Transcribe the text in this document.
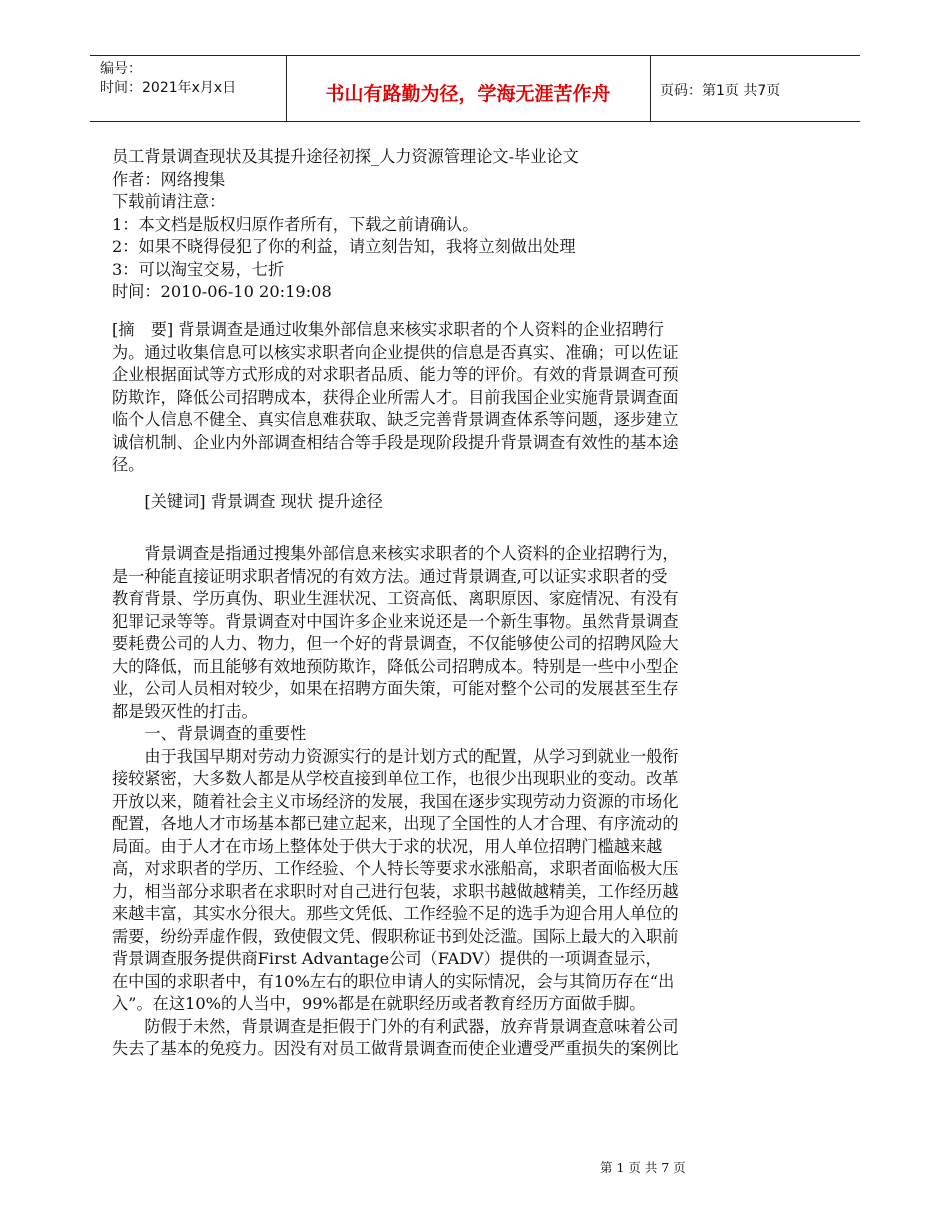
编号：
时间：2021年x月x日	书山有路勤为径，学海无涯苦作舟	页码：第1页 共7页
员工背景调查现状及其提升途径初探_人力资源管理论文-毕业论文
作者：网络搜集
下载前请注意：
1：本文档是版权归原作者所有，下载之前请确认。
2：如果不晓得侵犯了你的利益，请立刻告知，我将立刻做出处理
3：可以淘宝交易，七折
时间：2010-06-10 20:19:08
[摘　要] 背景调查是通过收集外部信息来核实求职者的个人资料的企业招聘行
为。通过收集信息可以核实求职者向企业提供的信息是否真实、准确；可以佐证
企业根据面试等方式形成的对求职者品质、能力等的评价。有效的背景调查可预
防欺诈，降低公司招聘成本，获得企业所需人才。目前我国企业实施背景调查面
临个人信息不健全、真实信息难获取、缺乏完善背景调查体系等问题，逐步建立
诚信机制、企业内外部调查相结合等手段是现阶段提升背景调查有效性的基本途
径。
[关键词] 背景调查 现状 提升途径
背景调查是指通过搜集外部信息来核实求职者的个人资料的企业招聘行为，
是一种能直接证明求职者情况的有效方法。通过背景调查,可以证实求职者的受
教育背景、学历真伪、职业生涯状况、工资高低、离职原因、家庭情况、有没有
犯罪记录等等。背景调查对中国许多企业来说还是一个新生事物。虽然背景调查
要耗费公司的人力、物力，但一个好的背景调查，不仅能够使公司的招聘风险大
大的降低，而且能够有效地预防欺诈，降低公司招聘成本。特别是一些中小型企
业，公司人员相对较少，如果在招聘方面失策，可能对整个公司的发展甚至生存
都是毁灭性的打击。
一、背景调查的重要性
由于我国早期对劳动力资源实行的是计划方式的配置，从学习到就业一般衔
接较紧密，大多数人都是从学校直接到单位工作，也很少出现职业的变动。改革
开放以来，随着社会主义市场经济的发展，我国在逐步实现劳动力资源的市场化
配置，各地人才市场基本都已建立起来，出现了全国性的人才合理、有序流动的
局面。由于人才在市场上整体处于供大于求的状况，用人单位招聘门槛越来越
高，对求职者的学历、工作经验、个人特长等要求水涨船高，求职者面临极大压
力，相当部分求职者在求职时对自己进行包装，求职书越做越精美，工作经历越
来越丰富，其实水分很大。那些文凭低、工作经验不足的选手为迎合用人单位的
需要，纷纷弄虚作假，致使假文凭、假职称证书到处泛滥。国际上最大的入职前
背景调查服务提供商First Advantage公司（FADV）提供的一项调查显示，
在中国的求职者中，有10%左右的职位申请人的实际情况，会与其简历存在“出
入”。在这10%的人当中，99%都是在就职经历或者教育经历方面做手脚。
防假于未然，背景调查是拒假于门外的有利武器，放弃背景调查意味着公司
失去了基本的免疫力。因没有对员工做背景调查而使企业遭受严重损失的案例比
第 1 页 共 7 页
